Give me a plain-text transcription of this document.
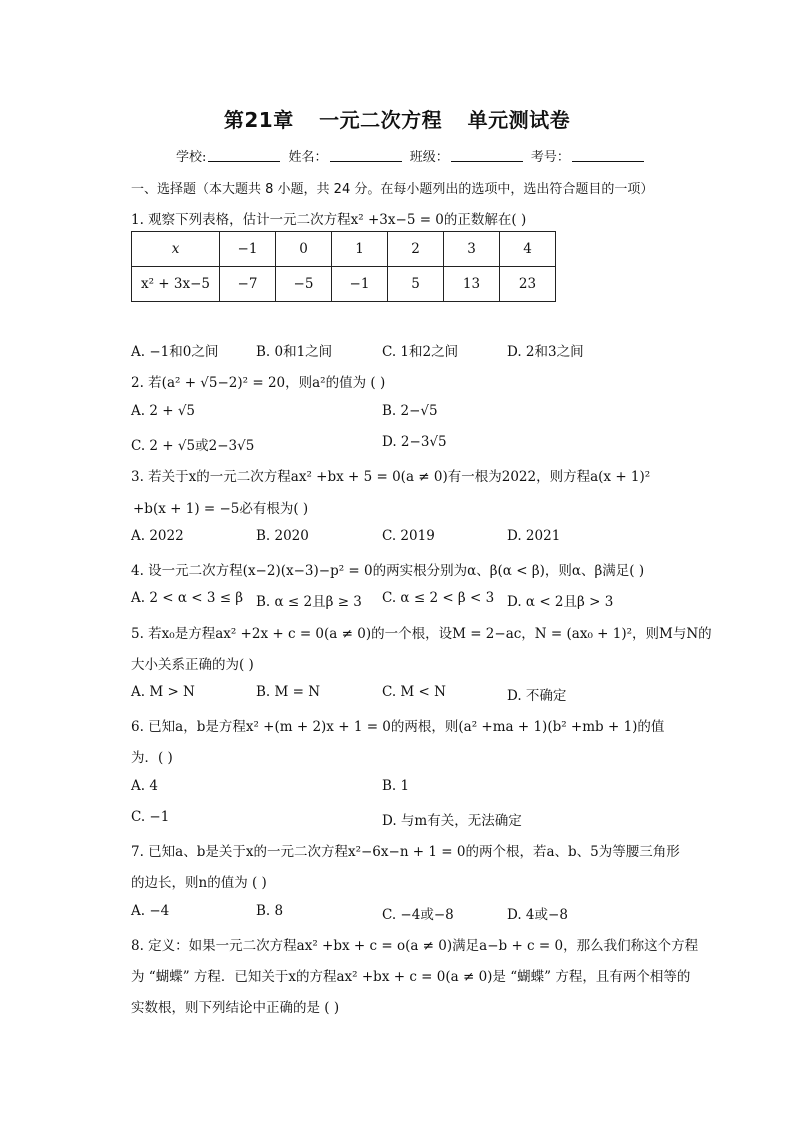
第21章 一元二次方程 单元测试卷
学校:	姓名：	班级：	考号：
一、选择题（本大题共 8 小题，共 24 分。在每小题列出的选项中，选出符合题目的一项）
1. 观察下列表格，估计一元二次方程x² +3x−5 = 0的正数解在( )
x	−1	0	1	2	3	4
x² + 3x−5	−7	−5	−1	5	13	23
A. −1和0之间	B. 0和1之间	C. 1和2之间	D. 2和3之间
2. 若(a² + √5−2)² = 20，则a²的值为 ( )
A. 2 + √5	B. 2−√5
C. 2 + √5或2−3√5	D. 2−3√5
3. 若关于x的一元二次方程ax² +bx + 5 = 0(a ≠ 0)有一根为2022，则方程a(x + 1)²
+b(x + 1) = −5必有根为( )
A. 2022	B. 2020	C. 2019	D. 2021
4. 设一元二次方程(x−2)(x−3)−p² = 0的两实根分别为α、β(α < β)，则α、β满足( )
A. 2 < α < 3 ≤ β B. α ≤ 2且β ≥ 3 C. α ≤ 2 < β < 3 D. α < 2且β > 3
5. 若x₀是方程ax² +2x + c = 0(a ≠ 0)的一个根，设M = 2−ac，N = (ax₀ + 1)²，则M与N的
大小关系正确的为( )
A. M > N	B. M = N	C. M < N	D. 不确定
6. 已知a，b是方程x² +(m + 2)x + 1 = 0的两根，则(a² +ma + 1)(b² +mb + 1)的值
为．( )
A. 4	B. 1
C. −1	D. 与m有关，无法确定
7. 已知a、b是关于x的一元二次方程x²−6x−n + 1 = 0的两个根，若a、b、5为等腰三角形
的边长，则n的值为 ( )
A. −4	B. 8	C. −4或−8	D. 4或−8
8. 定义：如果一元二次方程ax² +bx + c = o(a ≠ 0)满足a−b + c = 0，那么我们称这个方程
为 “蝴蝶” 方程．已知关于x的方程ax² +bx + c = 0(a ≠ 0)是 “蝴蝶” 方程，且有两个相等的
实数根，则下列结论中正确的是 ( )
